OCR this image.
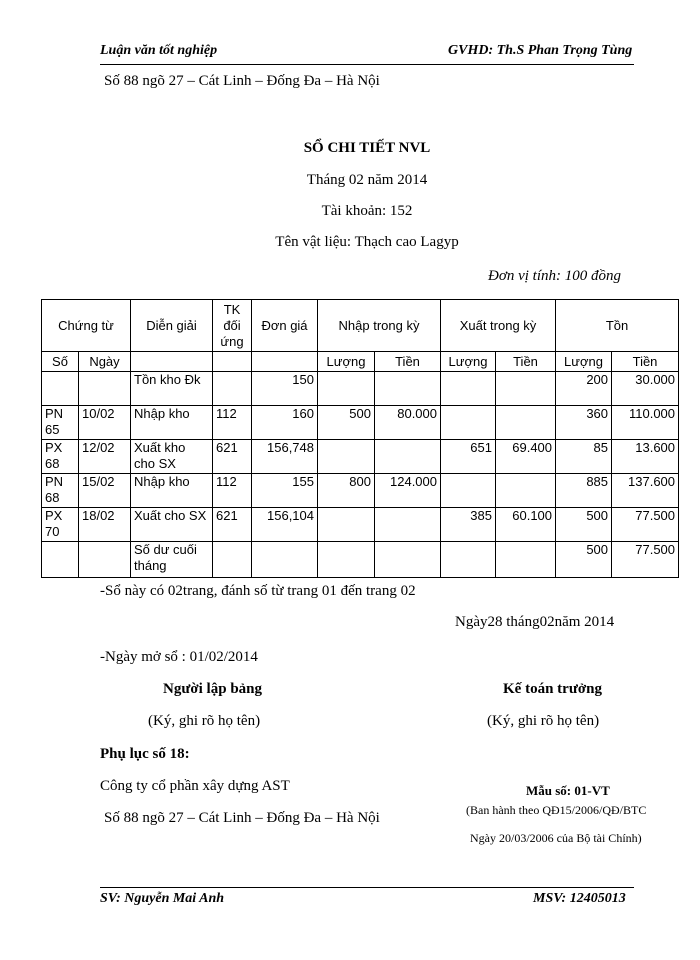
Luận văn tốt nghiệp	GVHD: Th.S Phan Trọng Tùng
Số 88 ngõ 27 – Cát Linh – Đống Đa – Hà Nội
SỔ CHI TIẾT NVL
Tháng 02 năm 2014
Tài khoản: 152
Tên vật liệu: Thạch cao Lagyp
Đơn vị tính: 100 đồng
Chứng từ		Diễn giải	TK đối ứng	Đơn giá	Nhập trong kỳ		Xuất trong kỳ		Tồn	
Số	Ngày				Lượng	Tiền	Lượng	Tiền	Lượng	Tiền
		Tồn kho Đk		150					200	30.000
PN 65	10/02	Nhập kho	112	160	500	80.000			360	110.000
PX 68	12/02	Xuất kho cho SX	621	156,748			651	69.400	85	13.600
PN 68	15/02	Nhập kho	112	155	800	124.000			885	137.600
PX 70	18/02	Xuất cho SX	621	156,104			385	60.100	500	77.500
		Số dư cuối tháng							500	77.500
-Sổ này có 02trang, đánh số từ trang 01 đến trang 02
Ngày28 tháng02năm 2014
-Ngày mở sổ : 01/02/2014
Người lập bảng
(Ký, ghi rõ họ tên)
Kế toán trưởng
(Ký, ghi rõ họ tên)
Phụ lục số 18:
Công ty cổ phần xây dựng AST
Số 88 ngõ 27 – Cát Linh – Đống Đa – Hà Nội
Mẫu số: 01-VT
(Ban hành theo QĐ15/2006/QĐ/BTC
Ngày 20/03/2006 của Bộ tài Chính)
SV: Nguyễn Mai Anh	MSV: 12405013
